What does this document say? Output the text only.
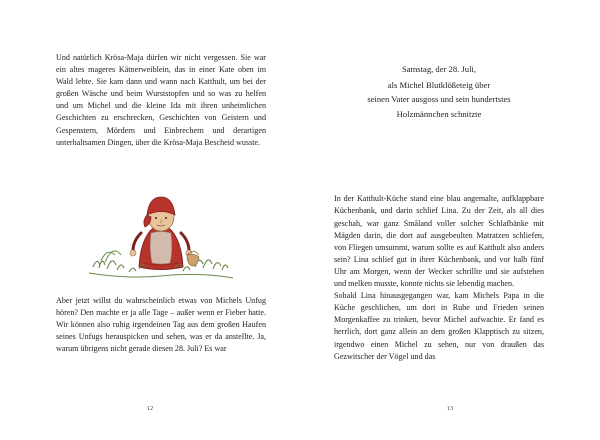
Und natürlich Krösa-Maja dürfen wir nicht vergessen. Sie war ein altes mageres Kätnerweiblein, das in einer Kate oben im Wald lebte. Sie kam dann und wann nach Katthult, um bei der großen Wäsche und beim Wurststopfen und so was zu helfen und um Michel und die kleine Ida mit ihren unheimlichen Geschichten zu erschrecken, Geschichten von Geistern und Gespenstern, Mördern und Einbrechern und derartigen unterhaltsamen Dingen, über die Krösa-Maja Bescheid wusste.
Aber jetzt willst du wahrscheinlich etwas von Michels Unfug hören? Den machte er ja alle Tage – außer wenn er Fieber hatte. Wir können also ruhig irgendeinen Tag aus dem großen Haufen seines Unfugs herauspicken und sehen, was er da anstellte. Ja, warum übrigens nicht gerade diesen 28. Juli? Es war
12
Samstag, der 28. Juli,
als Michel Blutklößeteig über
seinen Vater ausgoss und sein hundertstes
Holzmännchen schnitzte
In der Katthult-Küche stand eine blau angemalte, aufklappbare Küchenbank, und darin schlief Lina. Zu der Zeit, als all dies geschah, war ganz Småland voller solcher Schlafbänke mit Mägden darin, die dort auf ausgebeulten Matratzen schliefen, von Fliegen umsummt, warum sollte es auf Katthult also anders sein? Lina schlief gut in ihrer Küchenbank, und vor halb fünf Uhr am Morgen, wenn der Wecker schrillte und sie aufstehen und melken musste, konnte nichts sie lebendig machen.
Sobald Lina hinausgegangen war, kam Michels Papa in die Küche geschlichen, um dort in Ruhe und Frieden seinen Morgenkaffee zu trinken, bevor Michel aufwachte. Er fand es herrlich, dort ganz allein an dem großen Klapptisch zu sitzen, irgendwo einen Michel zu sehen, nur von draußen das Gezwitscher der Vögel und das
13
